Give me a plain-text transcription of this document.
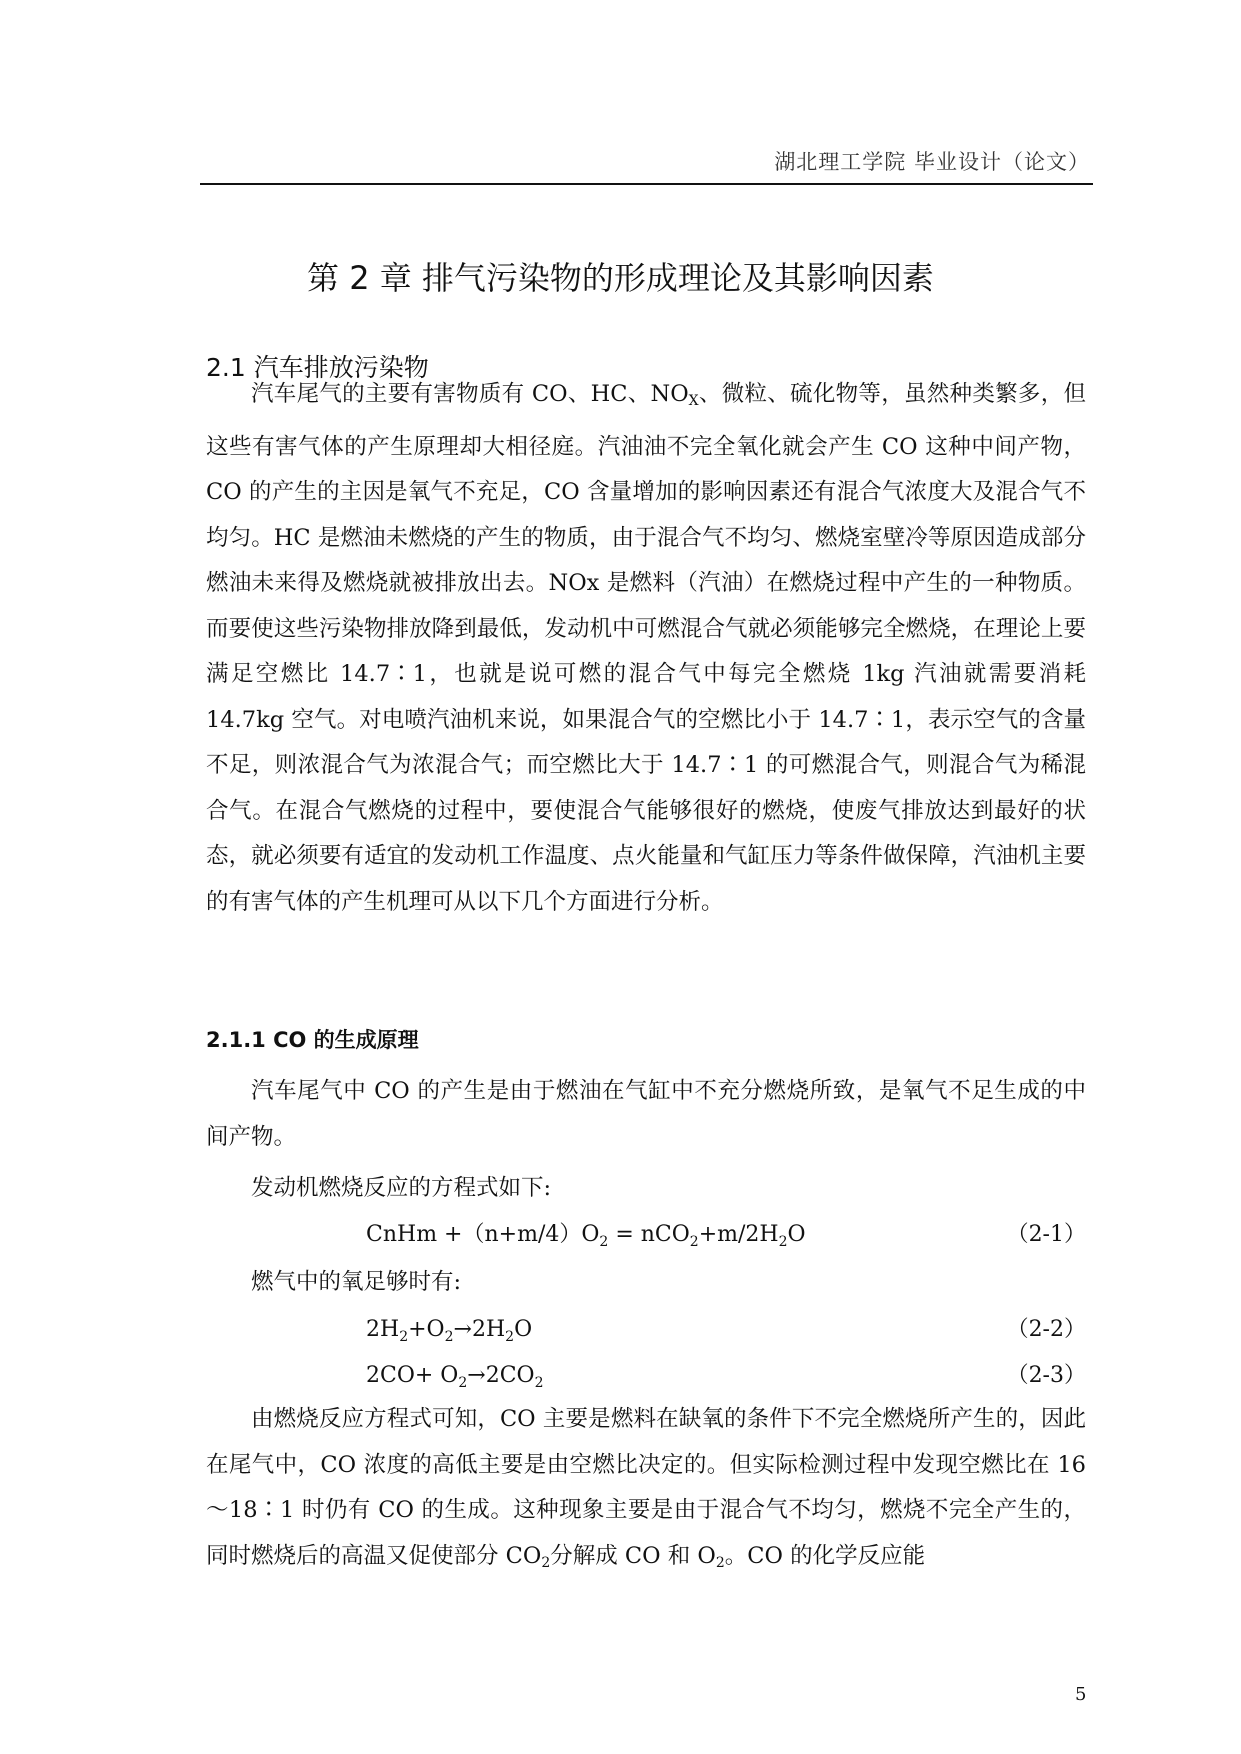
湖北理工学院 毕业设计（论文）
第 2 章 排气污染物的形成理论及其影响因素
2.1 汽车排放污染物

汽车尾气的主要有害物质有 CO、HC、$NO_X$、微粒、硫化物等，虽然种类繁多，但这些有害气体的产生原理却大相径庭。汽油油不完全氧化就会产生 CO 这种中间产物，CO 的产生的主因是氧气不充足，CO 含量增加的影响因素还有混合气浓度大及混合气不均匀。HC 是燃油未燃烧的产生的物质，由于混合气不均匀、燃烧室壁冷等原因造成部分燃油未来得及燃烧就被排放出去。NOx 是燃料（汽油）在燃烧过程中产生的一种物质。而要使这些污染物排放降到最低，发动机中可燃混合气就必须能够完全燃烧，在理论上要满足空燃比 14.7∶1，也就是说可燃的混合气中每完全燃烧 1kg 汽油就需要消耗 14.7kg 空气。对电喷汽油机来说，如果混合气的空燃比小于 14.7∶1，表示空气的含量不足，则浓混合气为浓混合气；而空燃比大于 14.7∶1 的可燃混合气，则混合气为稀混合气。在混合气燃烧的过程中，要使混合气能够很好的燃烧，使废气排放达到最好的状态，就必须要有适宜的发动机工作温度、点火能量和气缸压力等条件做保障，汽油机主要的有害气体的产生机理可从以下几个方面进行分析。

2.1.1 CO 的生成原理

汽车尾气中 CO 的产生是由于燃油在气缸中不充分燃烧所致，是氧气不足生成的中间产物。

发动机燃烧反应的方程式如下:
CnHm $+(n+m/4)O_2 = nCO_2+m/2H_2O$	（2-1）
燃气中的氧足够时有:
$2H_2+O_2\to 2H_2O$	（2-2）
$2CO+ O_2\to 2CO_2$	（2-3）

由燃烧反应方程式可知，CO 主要是燃料在缺氧的条件下不完全燃烧所产生的，因此在尾气中，CO 浓度的高低主要是由空燃比决定的。但实际检测过程中发现空燃比在 16～18∶1 时仍有 CO 的生成。这种现象主要是由于混合气不均匀，燃烧不完全产生的，同时燃烧后的高温又促使部分 $CO_2$分解成 CO 和 $O_2$。CO 的化学反应能

5
